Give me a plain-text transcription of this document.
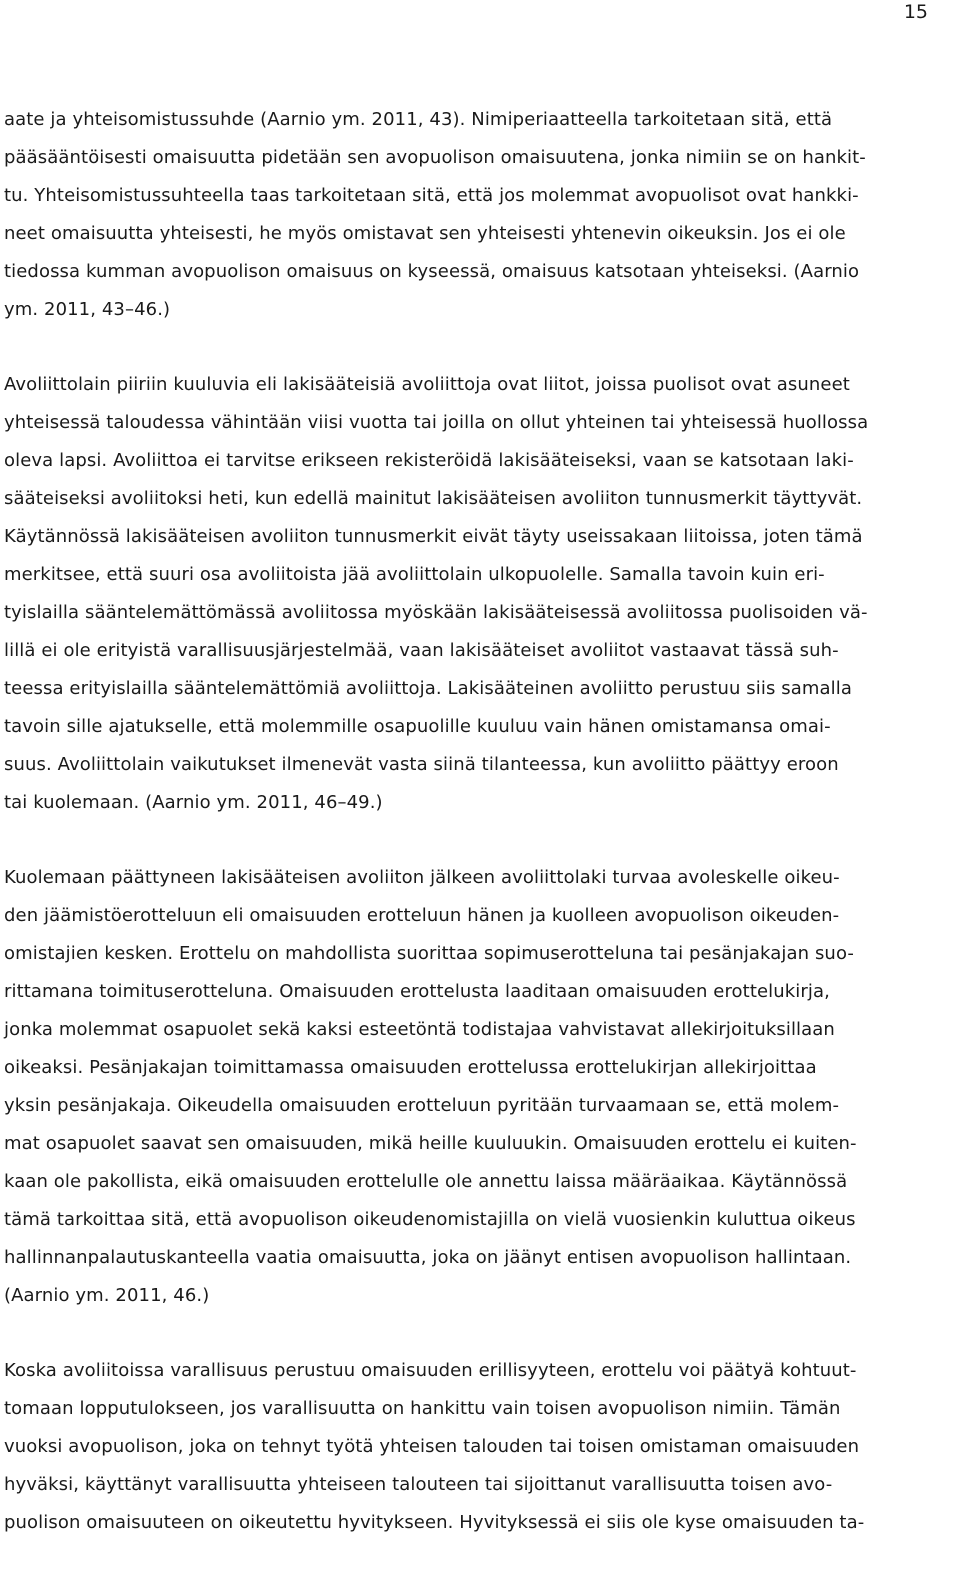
15
aate ja yhteisomistussuhde (Aarnio ym. 2011, 43). Nimiperiaatteella tarkoitetaan sitä, että
pääsääntöisesti omaisuutta pidetään sen avopuolison omaisuutena, jonka nimiin se on hankit-
tu. Yhteisomistussuhteella taas tarkoitetaan sitä, että jos molemmat avopuolisot ovat hankki-
neet omaisuutta yhteisesti, he myös omistavat sen yhteisesti yhtenevin oikeuksin. Jos ei ole
tiedossa kumman avopuolison omaisuus on kyseessä, omaisuus katsotaan yhteiseksi. (Aarnio
ym. 2011, 43–46.)
Avoliittolain piiriin kuuluvia eli lakisääteisiä avoliittoja ovat liitot, joissa puolisot ovat asuneet
yhteisessä taloudessa vähintään viisi vuotta tai joilla on ollut yhteinen tai yhteisessä huollossa
oleva lapsi. Avoliittoa ei tarvitse erikseen rekisteröidä lakisääteiseksi, vaan se katsotaan laki-
sääteiseksi avoliitoksi heti, kun edellä mainitut lakisääteisen avoliiton tunnusmerkit täyttyvät.
Käytännössä lakisääteisen avoliiton tunnusmerkit eivät täyty useissakaan liitoissa, joten tämä
merkitsee, että suuri osa avoliitoista jää avoliittolain ulkopuolelle. Samalla tavoin kuin eri-
tyislailla sääntelemättömässä avoliitossa myöskään lakisääteisessä avoliitossa puolisoiden vä-
lillä ei ole erityistä varallisuusjärjestelmää, vaan lakisääteiset avoliitot vastaavat tässä suh-
teessa erityislailla sääntelemättömiä avoliittoja. Lakisääteinen avoliitto perustuu siis samalla
tavoin sille ajatukselle, että molemmille osapuolille kuuluu vain hänen omistamansa omai-
suus. Avoliittolain vaikutukset ilmenevät vasta siinä tilanteessa, kun avoliitto päättyy eroon
tai kuolemaan. (Aarnio ym. 2011, 46–49.)
Kuolemaan päättyneen lakisääteisen avoliiton jälkeen avoliittolaki turvaa avoleskelle oikeu-
den jäämistöerotteluun eli omaisuuden erotteluun hänen ja kuolleen avopuolison oikeuden-
omistajien kesken. Erottelu on mahdollista suorittaa sopimuserotteluna tai pesänjakajan suo-
rittamana toimituserotteluna. Omaisuuden erottelusta laaditaan omaisuuden erottelukirja,
jonka molemmat osapuolet sekä kaksi esteetöntä todistajaa vahvistavat allekirjoituksillaan
oikeaksi. Pesänjakajan toimittamassa omaisuuden erottelussa erottelukirjan allekirjoittaa
yksin pesänjakaja. Oikeudella omaisuuden erotteluun pyritään turvaamaan se, että molem-
mat osapuolet saavat sen omaisuuden, mikä heille kuuluukin. Omaisuuden erottelu ei kuiten-
kaan ole pakollista, eikä omaisuuden erottelulle ole annettu laissa määräaikaa. Käytännössä
tämä tarkoittaa sitä, että avopuolison oikeudenomistajilla on vielä vuosienkin kuluttua oikeus
hallinnanpalautuskanteella vaatia omaisuutta, joka on jäänyt entisen avopuolison hallintaan.
(Aarnio ym. 2011, 46.)
Koska avoliitoissa varallisuus perustuu omaisuuden erillisyyteen, erottelu voi päätyä kohtuut-
tomaan lopputulokseen, jos varallisuutta on hankittu vain toisen avopuolison nimiin. Tämän
vuoksi avopuolison, joka on tehnyt työtä yhteisen talouden tai toisen omistaman omaisuuden
hyväksi, käyttänyt varallisuutta yhteiseen talouteen tai sijoittanut varallisuutta toisen avo-
puolison omaisuuteen on oikeutettu hyvitykseen. Hyvityksessä ei siis ole kyse omaisuuden ta-
